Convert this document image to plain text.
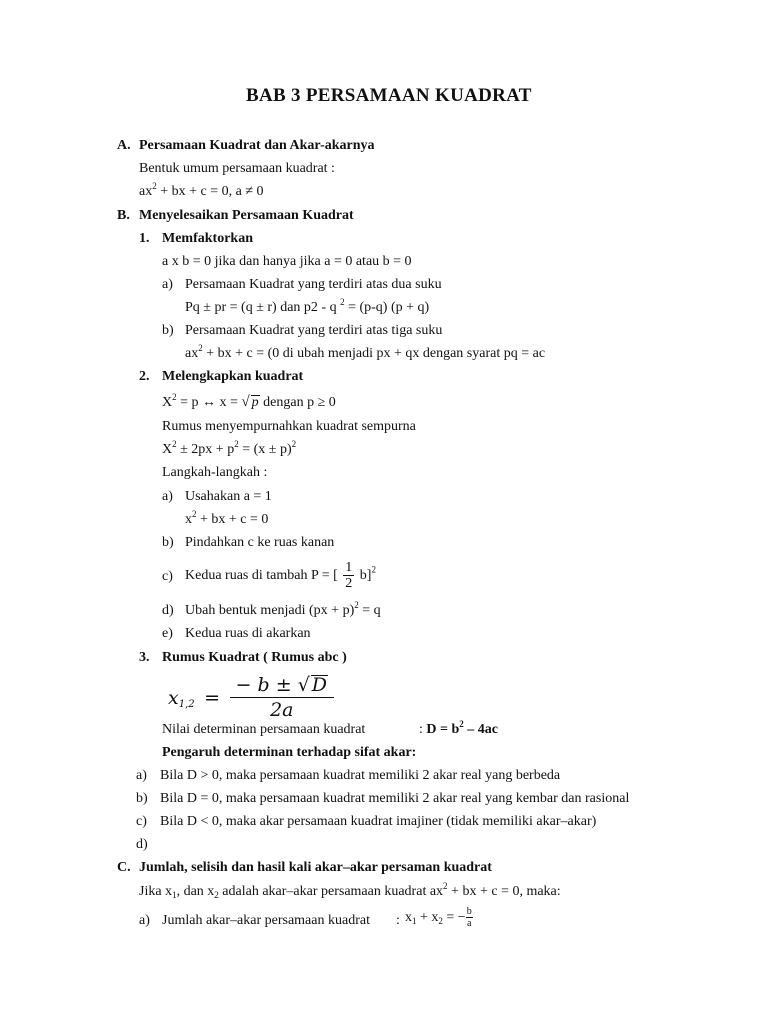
BAB 3 PERSAMAAN KUADRAT
A. Persamaan Kuadrat dan Akar-akarnya
Bentuk umum persamaan kuadrat :
$ax^2$ + bx + c = 0, a ≠ 0
B. Menyelesaikan Persamaan Kuadrat
1. Memfaktorkan
a x b = 0 jika dan hanya jika a = 0 atau b = 0
a) Persamaan Kuadrat yang terdiri atas dua suku
Pq ± pr = (q ± r) dan p2 - q $^2$ = (p-q) (p + q)
b) Persamaan Kuadrat yang terdiri atas tiga suku
$ax^2$ + bx + c = (0 di ubah menjadi px + qx dengan syarat pq = ac
2. Melengkapkan kuadrat
$X^2 = p$ ↔ x = √ p dengan p ≥ 0
Rumus menyempurnahkan kuadrat sempurna
$X^2 \pm 2px + p^2 = (x \pm p)^2$
Langkah-langkah :
a) Usahakan a = 1
$x^2$ + bx + c = 0
b) Pindahkan c ke ruas kanan
c) Kedua ruas di tambah P = [ $\frac{1}{2} b]^2$
d) Ubah bentuk menjadi (px + p)$^2$ = q
e) Kedua ruas di akarkan
3. Rumus Kuadrat ( Rumus abc )
$x_{1,2} = \frac{- b \pm √ D}{2a}$
Nilai determinan persamaan kuadrat	: $D = b^2 - 4ac$
Pengaruh determinan terhadap sifat akar:
a) Bila D > 0, maka persamaan kuadrat memiliki 2 akar real yang berbeda
b) Bila D = 0, maka persamaan kuadrat memiliki 2 akar real yang kembar dan rasional
c) Bila D < 0, maka akar persamaan kuadrat imajiner (tidak memiliki akar–akar)
d)
C. Jumlah, selisih dan hasil kali akar–akar persaman kuadrat
Jika $x_1$, dan $x_2$ adalah akar–akar persamaan kuadrat $ax^2$ + bx + c = 0, maka:
a) Jumlah akar–akar persamaan kuadrat : $x_1 + x_2$ = − $\frac{b}{a}$
